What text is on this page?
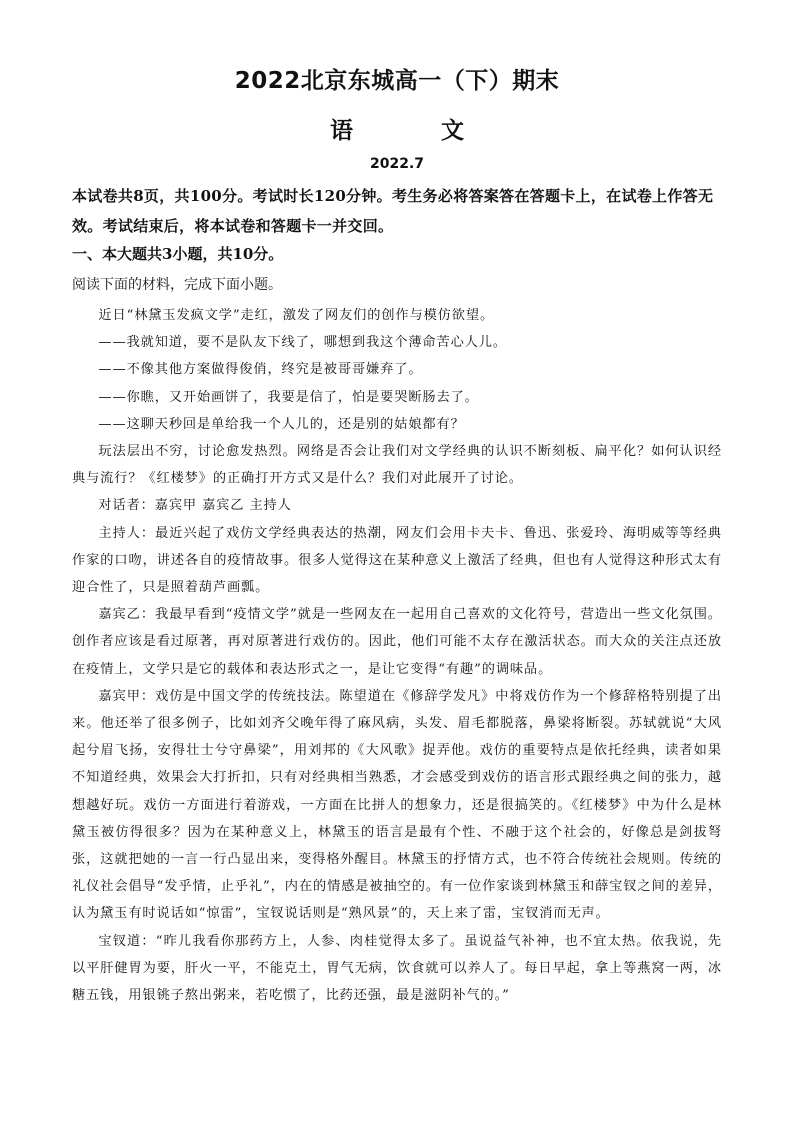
2022北京东城高一（下）期末
语 文
2022.7
本试卷共8页，共100分。考试时长120分钟。考生务必将答案答在答题卡上，在试卷上作答无效。考试结束后，将本试卷和答题卡一并交回。
一、本大题共3小题，共10分。
阅读下面的材料，完成下面小题。

近日“林黛玉发疯文学”走红，激发了网友们的创作与模仿欲望。

——我就知道，要不是队友下线了，哪想到我这个薄命苦心人儿。

——不像其他方案做得俊俏，终究是被哥哥嫌弃了。

——你瞧，又开始画饼了，我要是信了，怕是要哭断肠去了。

——这聊天秒回是单给我一个人儿的，还是别的姑娘都有？

玩法层出不穷，讨论愈发热烈。网络是否会让我们对文学经典的认识不断刻板、扁平化？如何认识经典与流行？《红楼梦》的正确打开方式又是什么？我们对此展开了讨论。

对话者：嘉宾甲 嘉宾乙 主持人

主持人：最近兴起了戏仿文学经典表达的热潮，网友们会用卡夫卡、鲁迅、张爱玲、海明威等等经典作家的口吻，讲述各自的疫情故事。很多人觉得这在某种意义上激活了经典，但也有人觉得这种形式太有迎合性了，只是照着葫芦画瓢。

嘉宾乙：我最早看到“疫情文学”就是一些网友在一起用自己喜欢的文化符号，营造出一些文化氛围。创作者应该是看过原著，再对原著进行戏仿的。因此，他们可能不太存在激活状态。而大众的关注点还放在疫情上，文学只是它的载体和表达形式之一，是让它变得“有趣”的调味品。

嘉宾甲：戏仿是中国文学的传统技法。陈望道在《修辞学发凡》中将戏仿作为一个修辞格特别提了出来。他还举了很多例子，比如刘齐父晚年得了麻风病，头发、眉毛都脱落，鼻梁将断裂。苏轼就说“大风起兮眉飞扬，安得壮士兮守鼻梁”，用刘邦的《大风歌》捉弄他。戏仿的重要特点是依托经典，读者如果不知道经典，效果会大打折扣，只有对经典相当熟悉，才会感受到戏仿的语言形式跟经典之间的张力，越想越好玩。戏仿一方面进行着游戏，一方面在比拼人的想象力，还是很搞笑的。《红楼梦》中为什么是林黛玉被仿得很多？因为在某种意义上，林黛玉的语言是最有个性、不融于这个社会的，好像总是剑拔弩张，这就把她的一言一行凸显出来，变得格外醒目。林黛玉的抒情方式，也不符合传统社会规则。传统的礼仪社会倡导“发乎情，止乎礼”，内在的情感是被抽空的。有一位作家谈到林黛玉和薛宝钗之间的差异，认为黛玉有时说话如“惊雷”，宝钗说话则是“熟风景”的，天上来了雷，宝钗消而无声。

宝钗道：“昨儿我看你那药方上，人参、肉桂觉得太多了。虽说益气补神，也不宜太热。依我说，先以平肝健胃为要，肝火一平，不能克土，胃气无病，饮食就可以养人了。每日早起，拿上等燕窝一两，冰糖五钱，用银铫子熬出粥来，若吃惯了，比药还强，最是滋阴补气的。”
